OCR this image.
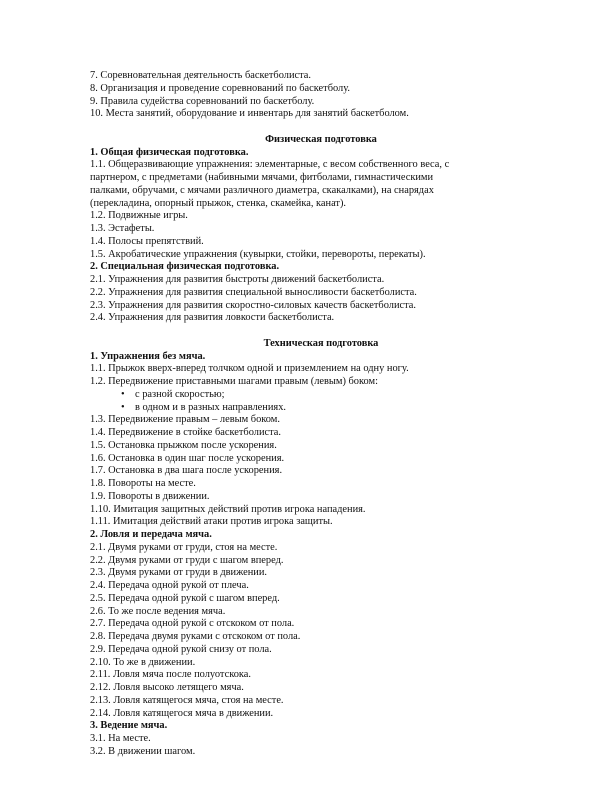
7. Соревновательная деятельность баскетболиста.
8. Организация и проведение соревнований по баскетболу.
9. Правила судейства соревнований по баскетболу.
10. Места занятий, оборудование и инвентарь для занятий баскетболом.
Физическая подготовка
1. Общая физическая подготовка.
1.1. Общеразвивающие упражнения: элементарные, с весом собственного веса, с
партнером, с предметами (набивными мячами, фитболами, гимнастическими
палками, обручами, с мячами различного диаметра, скакалками), на снарядах
(перекладина, опорный прыжок, стенка, скамейка, канат).
1.2. Подвижные игры.
1.3. Эстафеты.
1.4. Полосы препятствий.
1.5. Акробатические упражнения (кувырки, стойки, перевороты, перекаты).
2. Специальная физическая подготовка.
2.1. Упражнения для развития быстроты движений баскетболиста.
2.2. Упражнения для развития специальной выносливости баскетболиста.
2.3. Упражнения для развития скоростно-силовых качеств баскетболиста.
2.4. Упражнения для развития ловкости баскетболиста.
Техническая подготовка
1. Упражнения без мяча.
1.1. Прыжок вверх-вперед толчком одной и приземлением на одну ногу.
1.2. Передвижение приставными шагами правым (левым) боком:
• с разной скоростью;
• в одном и в разных направлениях.
1.3. Передвижение правым – левым боком.
1.4. Передвижение в стойке баскетболиста.
1.5. Остановка прыжком после ускорения.
1.6. Остановка в один шаг после ускорения.
1.7. Остановка в два шага после ускорения.
1.8. Повороты на месте.
1.9. Повороты в движении.
1.10. Имитация защитных действий против игрока нападения.
1.11. Имитация действий атаки против игрока защиты.
2. Ловля и передача мяча.
2.1. Двумя руками от груди, стоя на месте.
2.2. Двумя руками от груди с шагом вперед.
2.3. Двумя руками от груди в движении.
2.4. Передача одной рукой от плеча.
2.5. Передача одной рукой с шагом вперед.
2.6. То же после ведения мяча.
2.7. Передача одной рукой с отскоком от пола.
2.8. Передача двумя руками с отскоком от пола.
2.9. Передача одной рукой снизу от пола.
2.10. То же в движении.
2.11. Ловля мяча после полуотскока.
2.12. Ловля высоко летящего мяча.
2.13. Ловля катящегося мяча, стоя на месте.
2.14. Ловля катящегося мяча в движении.
3. Ведение мяча.
3.1. На месте.
3.2. В движении шагом.
